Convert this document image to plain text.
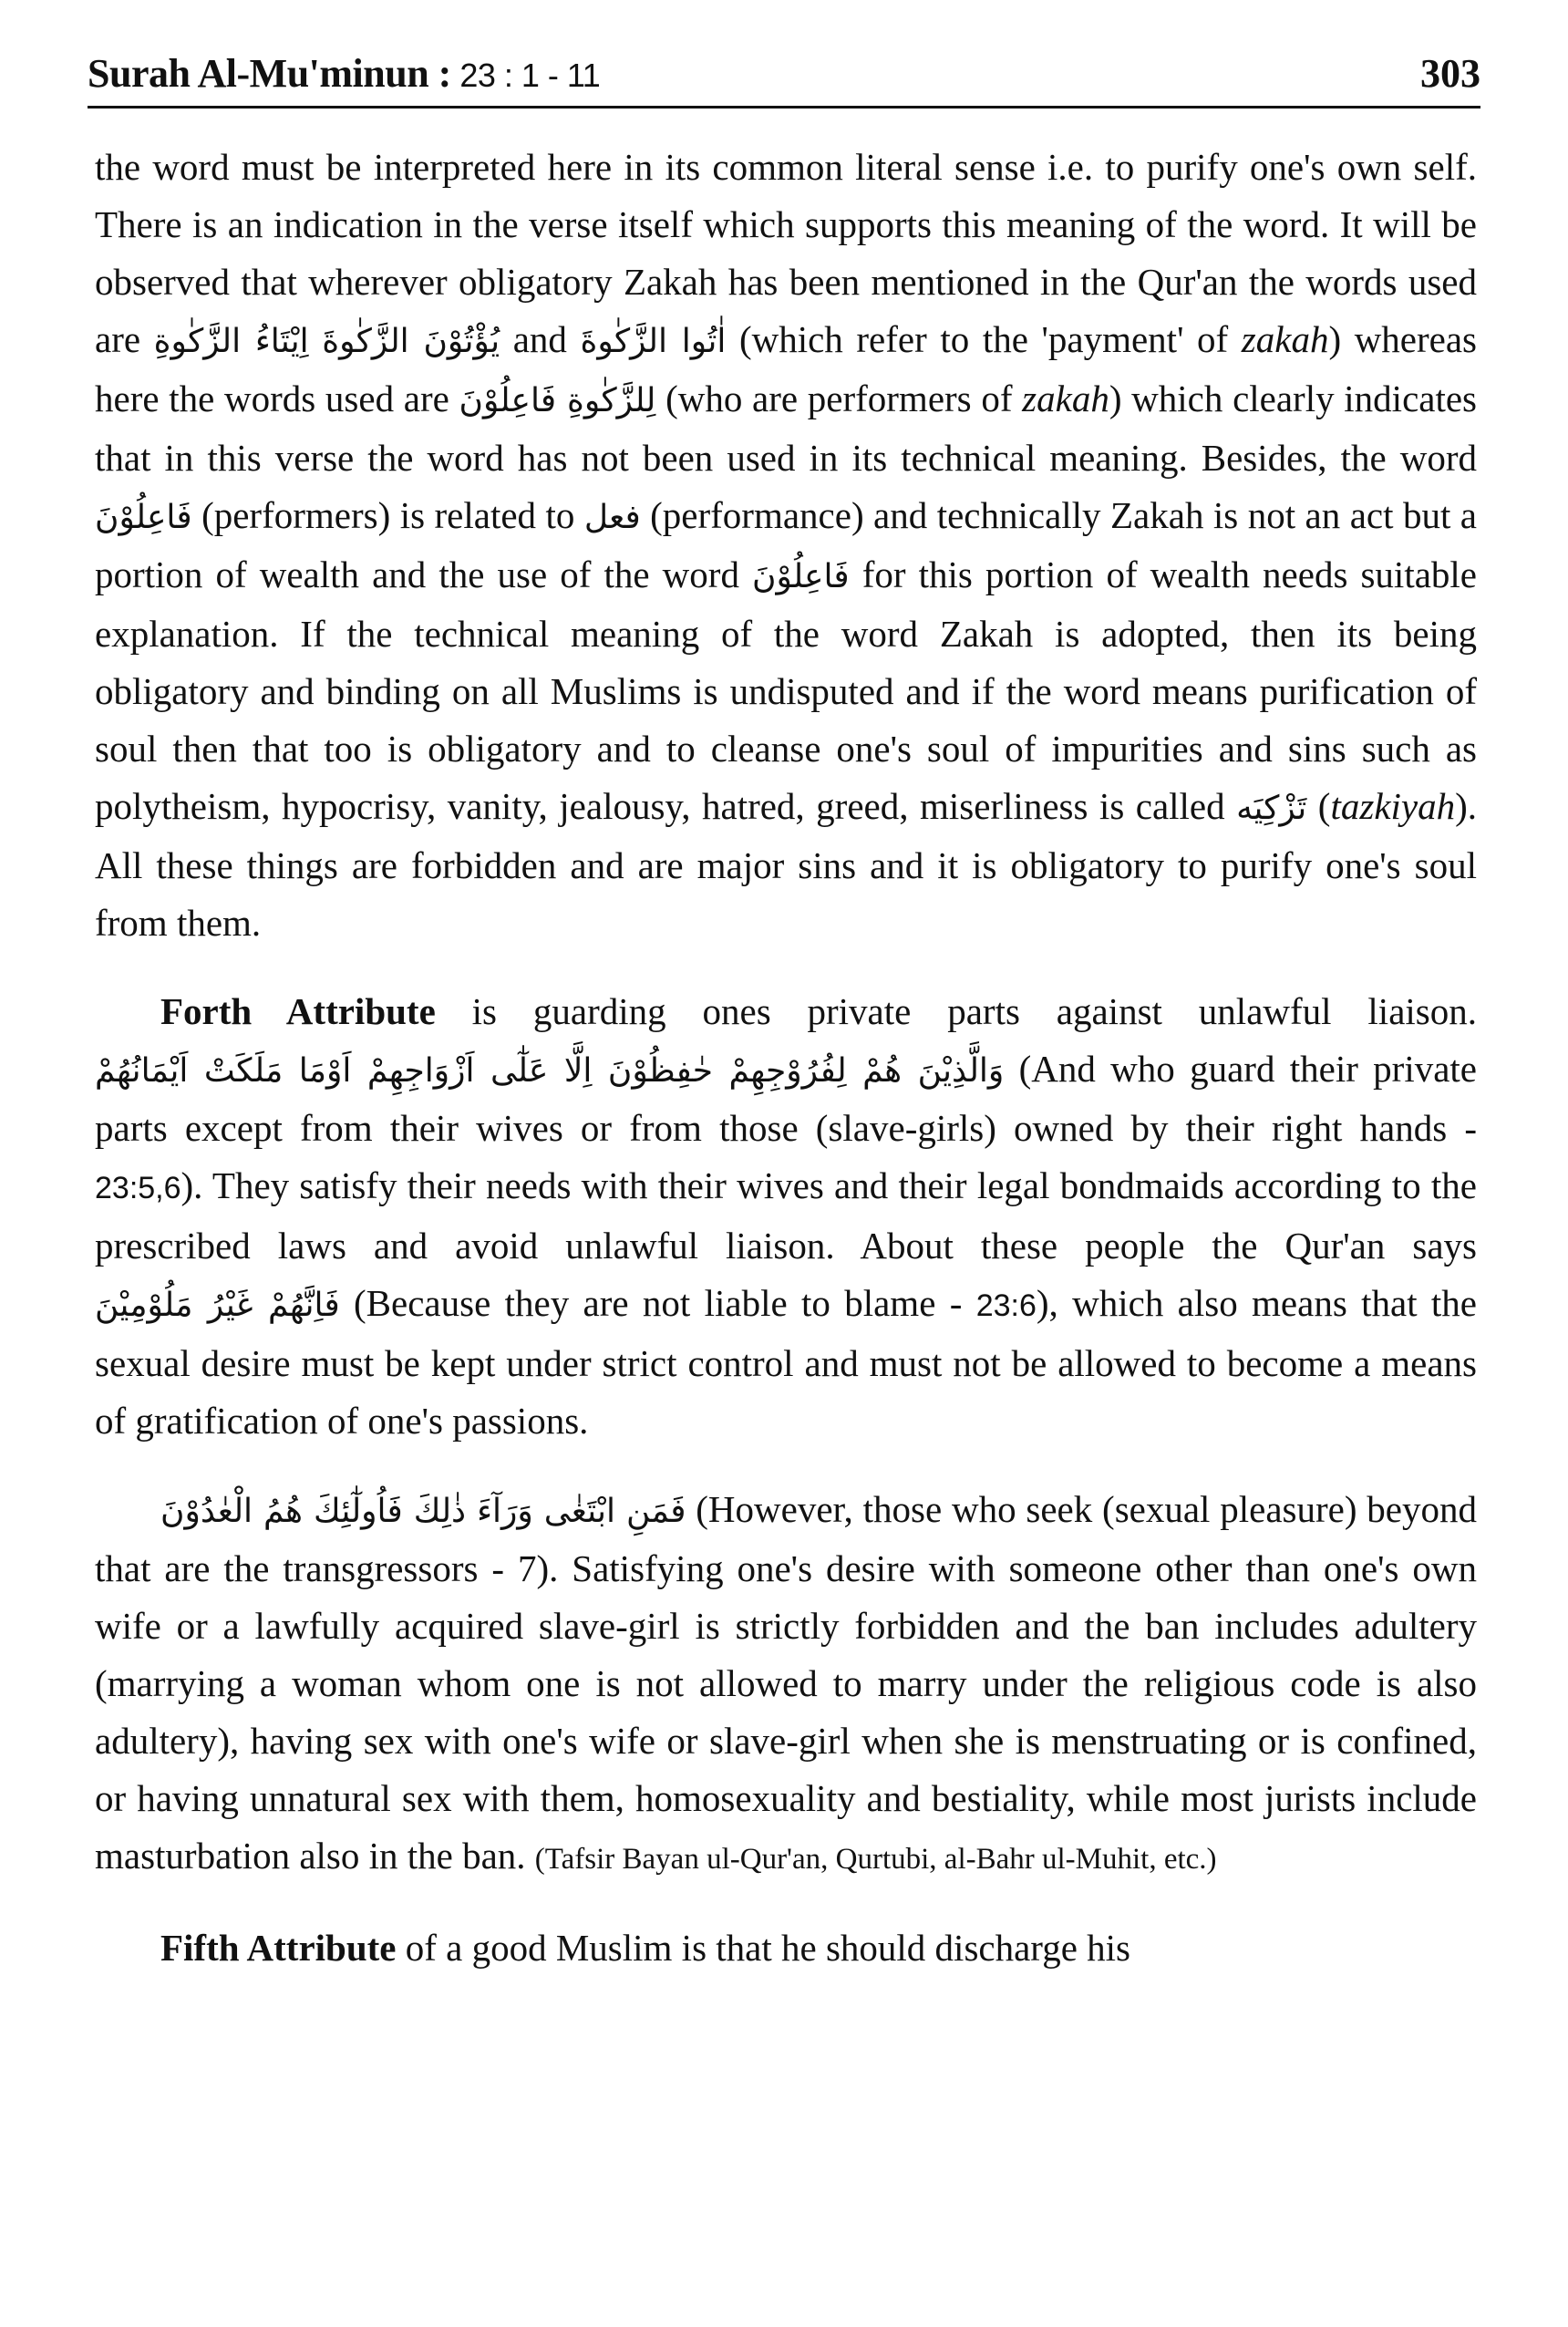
Surah Al-Mu'minun : 23 : 1 - 11	303

the word must be interpreted here in its common literal sense i.e. to purify one's own self. There is an indication in the verse itself which supports this meaning of the word. It will be observed that wherever obligatory Zakah has been mentioned in the Qur'an the words used are اِيْتَاءُ الزَّكٰوةِ يُؤْتُوْنَ الزَّكٰوةَ and اٰتُوا الزَّكٰوةَ (which refer to the 'payment' of zakah) whereas here the words used are لِلزَّكٰوةِ فَاعِلُوْنَ (who are performers of zakah) which clearly indicates that in this verse the word has not been used in its technical meaning. Besides, the word فَاعِلُوْنَ (performers) is related to فعل (performance) and technically Zakah is not an act but a portion of wealth and the use of the word فَاعِلُوْنَ for this portion of wealth needs suitable explanation. If the technical meaning of the word Zakah is adopted, then its being obligatory and binding on all Muslims is undisputed and if the word means purification of soul then that too is obligatory and to cleanse one's soul of impurities and sins such as polytheism, hypocrisy, vanity, jealousy, hatred, greed, miserliness is called تَزْكِيَه (tazkiyah). All these things are forbidden and are major sins and it is obligatory to purify one's soul from them.

Forth Attribute is guarding ones private parts against unlawful liaison. وَالَّذِيْنَ هُمْ لِفُرُوْجِهِمْ حٰفِظُوْنَ اِلَّا عَلٰٓى اَزْوَاجِهِمْ اَوْمَا مَلَكَتْ اَيْمَانُهُمْ (And who guard their private parts except from their wives or from those (slave-girls) owned by their right hands - 23:5,6). They satisfy their needs with their wives and their legal bondmaids according to the prescribed laws and avoid unlawful liaison. About these people the Qur'an says فَاِنَّهُمْ غَيْرُ مَلُوْمِيْنَ (Because they are not liable to blame - 23:6), which also means that the sexual desire must be kept under strict control and must not be allowed to become a means of gratification of one's passions.

فَمَنِ ابْتَغٰى وَرَآءَ ذٰلِكَ فَاُولٰٓئِكَ هُمُ الْعٰدُوْنَ (However, those who seek (sexual pleasure) beyond that are the transgressors - 7). Satisfying one's desire with someone other than one's own wife or a lawfully acquired slave-girl is strictly forbidden and the ban includes adultery (marrying a woman whom one is not allowed to marry under the religious code is also adultery), having sex with one's wife or slave-girl when she is menstruating or is confined, or having unnatural sex with them, homosexuality and bestiality, while most jurists include masturbation also in the ban. (Tafsir Bayan ul-Qur'an, Qurtubi, al-Bahr ul-Muhit, etc.)

Fifth Attribute of a good Muslim is that he should discharge his
